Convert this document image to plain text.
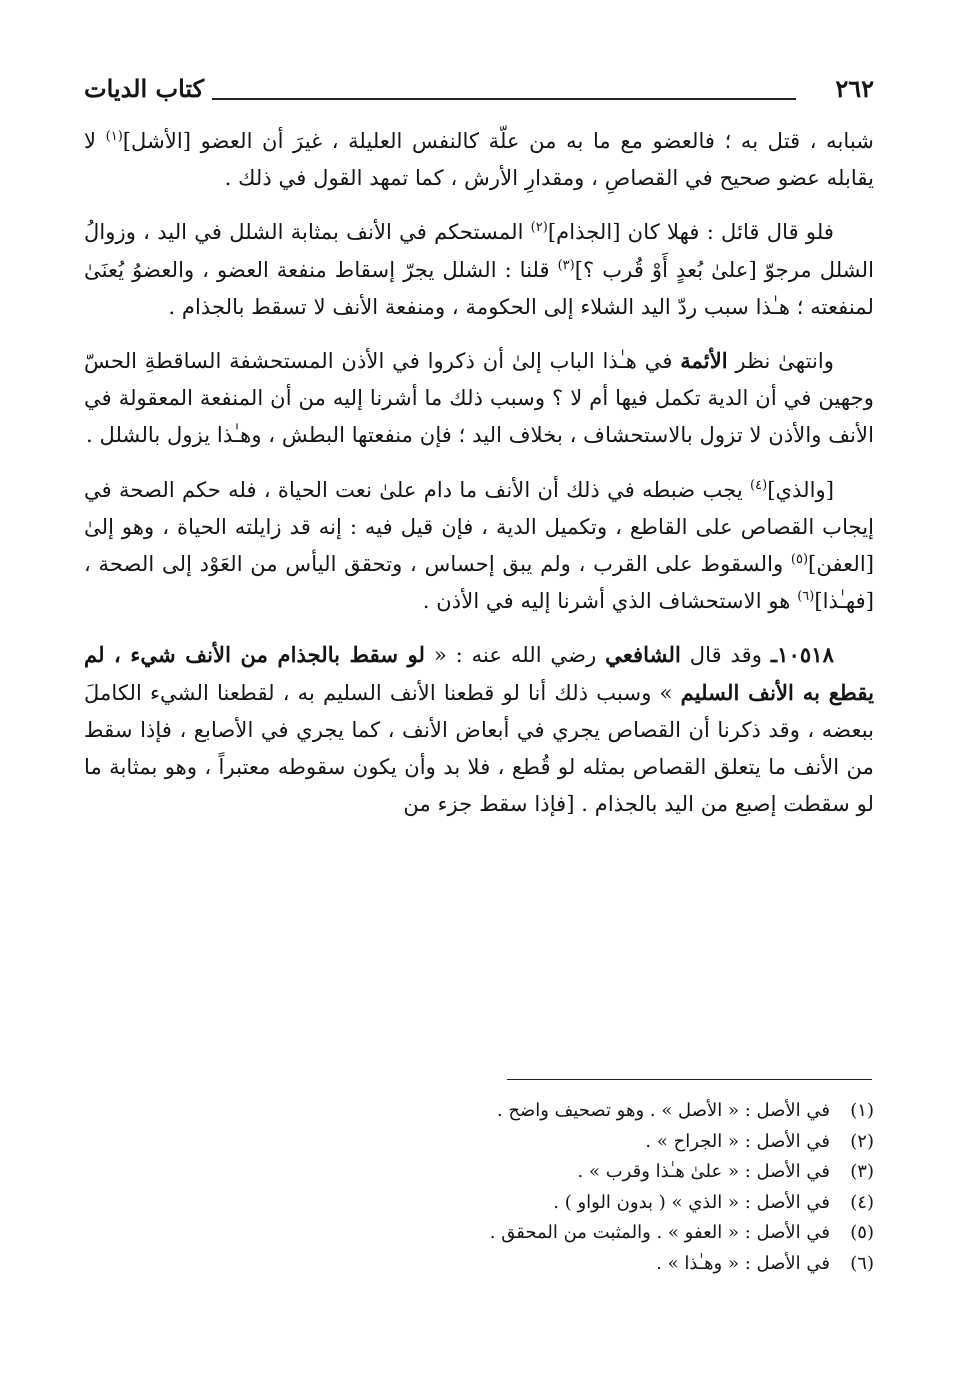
٢٦٢
كتاب الديات

شبابه ، قتل به ؛ فالعضو مع ما به من علّة كالنفس العليلة ، غيرَ أن العضو [الأشل]$^{(١)}$ لا يقابله عضو صحيح في القصاصِ ، ومقدارِ الأرش ، كما تمهد القول في ذلك .

فلو قال قائل : فهلا كان [الجذام]$^{(٢)}$ المستحكم في الأنف بمثابة الشلل في اليد ، وزوالُ الشلل مرجوّ [علىٰ بُعدٍ أَوْ قُرب ؟]$^{(٣)}$ قلنا : الشلل يجرّ إسقاط منفعة العضو ، والعضوُ يُعنَىٰ لمنفعته ؛ هـٰذا سبب ردّ اليد الشلاء إلى الحكومة ، ومنفعة الأنف لا تسقط بالجذام .

وانتهىٰ نظر الأئمة في هـٰذا الباب إلىٰ أن ذكروا في الأذن المستحشفة الساقطةِ الحسّ وجهين في أن الدية تكمل فيها أم لا ؟ وسبب ذلك ما أشرنا إليه من أن المنفعة المعقولة في الأنف والأذن لا تزول بالاستحشاف ، بخلاف اليد ؛ فإن منفعتها البطش ، وهـٰذا يزول بالشلل .

[والذي]$^{(٤)}$ يجب ضبطه في ذلك أن الأنف ما دام علىٰ نعت الحياة ، فله حكم الصحة في إيجاب القصاص على القاطع ، وتكميل الدية ، فإن قيل فيه : إنه قد زايلته الحياة ، وهو إلىٰ [العفن]$^{(٥)}$ والسقوط على القرب ، ولم يبق إحساس ، وتحقق اليأس من العَوْد إلى الصحة ، [فهـٰذا]$^{(٦)}$ هو الاستحشاف الذي أشرنا إليه في الأذن .

١٠٥١٨ـ وقد قال الشافعي رضي الله عنه : « لو سقط بالجذام من الأنف شيء ، لم يقطع به الأنف السليم » وسبب ذلك أنا لو قطعنا الأنف السليم به ، لقطعنا الشيء الكاملَ ببعضه ، وقد ذكرنا أن القصاص يجري في أبعاض الأنف ، كما يجري في الأصابع ، فإذا سقط من الأنف ما يتعلق القصاص بمثله لو قُطع ، فلا بد وأن يكون سقوطه معتبراً ، وهو بمثابة ما لو سقطت إصبع من اليد بالجذام . [فإذا سقط جزء من

(١)
في الأصل : « الأصل » . وهو تصحيف واضح .
(٢)
في الأصل : « الجراح » .
(٣)
في الأصل : « علىٰ هـٰذا وقرب » .
(٤)
في الأصل : « الذي » ( بدون الواو ) .
(٥)
في الأصل : « العفو » . والمثبت من المحقق .
(٦)
في الأصل : « وهـٰذا » .
